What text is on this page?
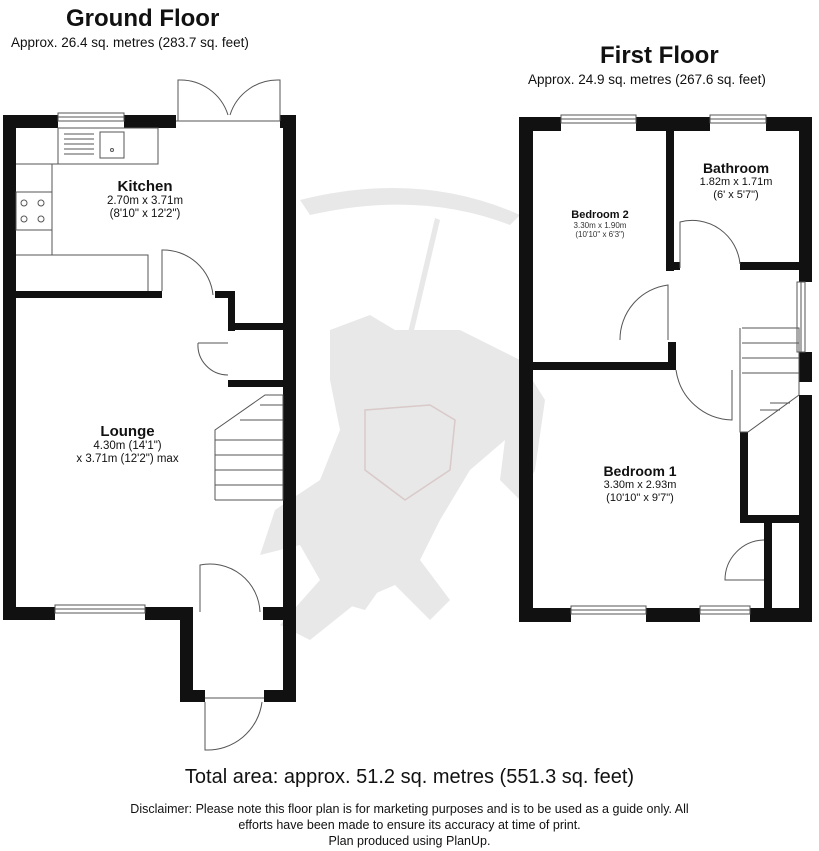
Ground Floor
Approx. 26.4 sq. metres (283.7 sq. feet)	First Floor
Approx. 24.9 sq. metres (267.6 sq. feet)
Kitchen
2.70m x 3.71m
(8'10" x 12'2")
Lounge
4.30m (14'1")
x 3.71m (12'2") max
Bathroom
1.82m x 1.71m
(6' x 5'7")
Bedroom 2
3.30m x 1.90m
(10'10" x 6'3")
Bedroom 1
3.30m x 2.93m
(10'10" x 9'7")
Total area: approx. 51.2 sq. metres (551.3 sq. feet)
Disclaimer: Please note this floor plan is for marketing purposes and is to be used as a guide only. All
efforts have been made to ensure its accuracy at time of print.
Plan produced using PlanUp.
